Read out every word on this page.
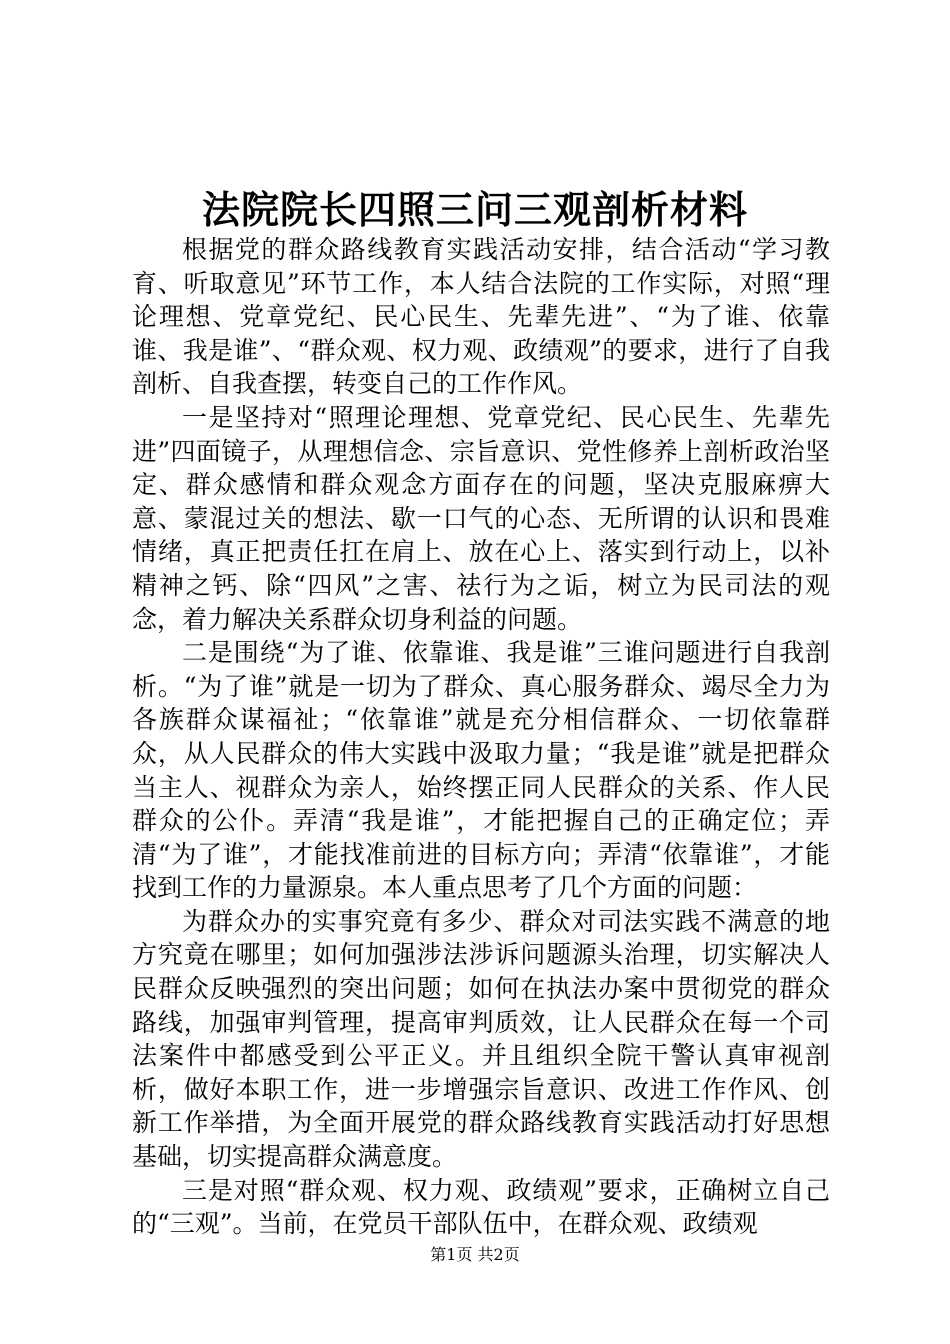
法院院长四照三问三观剖析材料

根据党的群众路线教育实践活动安排，结合活动“学习教育、听取意见”环节工作，本人结合法院的工作实际，对照“理论理想、党章党纪、民心民生、先辈先进”、“为了谁、依靠谁、我是谁”、“群众观、权力观、政绩观”的要求，进行了自我剖析、自我查摆，转变自己的工作作风。

一是坚持对“照理论理想、党章党纪、民心民生、先辈先进”四面镜子，从理想信念、宗旨意识、党性修养上剖析政治坚定、群众感情和群众观念方面存在的问题，坚决克服麻痹大意、蒙混过关的想法、歇一口气的心态、无所谓的认识和畏难情绪，真正把责任扛在肩上、放在心上、落实到行动上，以补精神之钙、除“四风”之害、祛行为之诟，树立为民司法的观念，着力解决关系群众切身利益的问题。

二是围绕“为了谁、依靠谁、我是谁”三谁问题进行自我剖析。“为了谁”就是一切为了群众、真心服务群众、竭尽全力为各族群众谋福祉；“依靠谁”就是充分相信群众、一切依靠群众，从人民群众的伟大实践中汲取力量；“我是谁”就是把群众当主人、视群众为亲人，始终摆正同人民群众的关系、作人民群众的公仆。弄清“我是谁”，才能把握自己的正确定位；弄清“为了谁”，才能找准前进的目标方向；弄清“依靠谁”，才能找到工作的力量源泉。本人重点思考了几个方面的问题：

为群众办的实事究竟有多少、群众对司法实践不满意的地方究竟在哪里；如何加强涉法涉诉问题源头治理，切实解决人民群众反映强烈的突出问题；如何在执法办案中贯彻党的群众路线，加强审判管理，提高审判质效，让人民群众在每一个司法案件中都感受到公平正义。并且组织全院干警认真审视剖析，做好本职工作，进一步增强宗旨意识、改进工作作风、创新工作举措，为全面开展党的群众路线教育实践活动打好思想基础，切实提高群众满意度。

三是对照“群众观、权力观、政绩观”要求，正确树立自己的“三观”。当前，在党员干部队伍中，在群众观、政绩观

第1页 共2页
